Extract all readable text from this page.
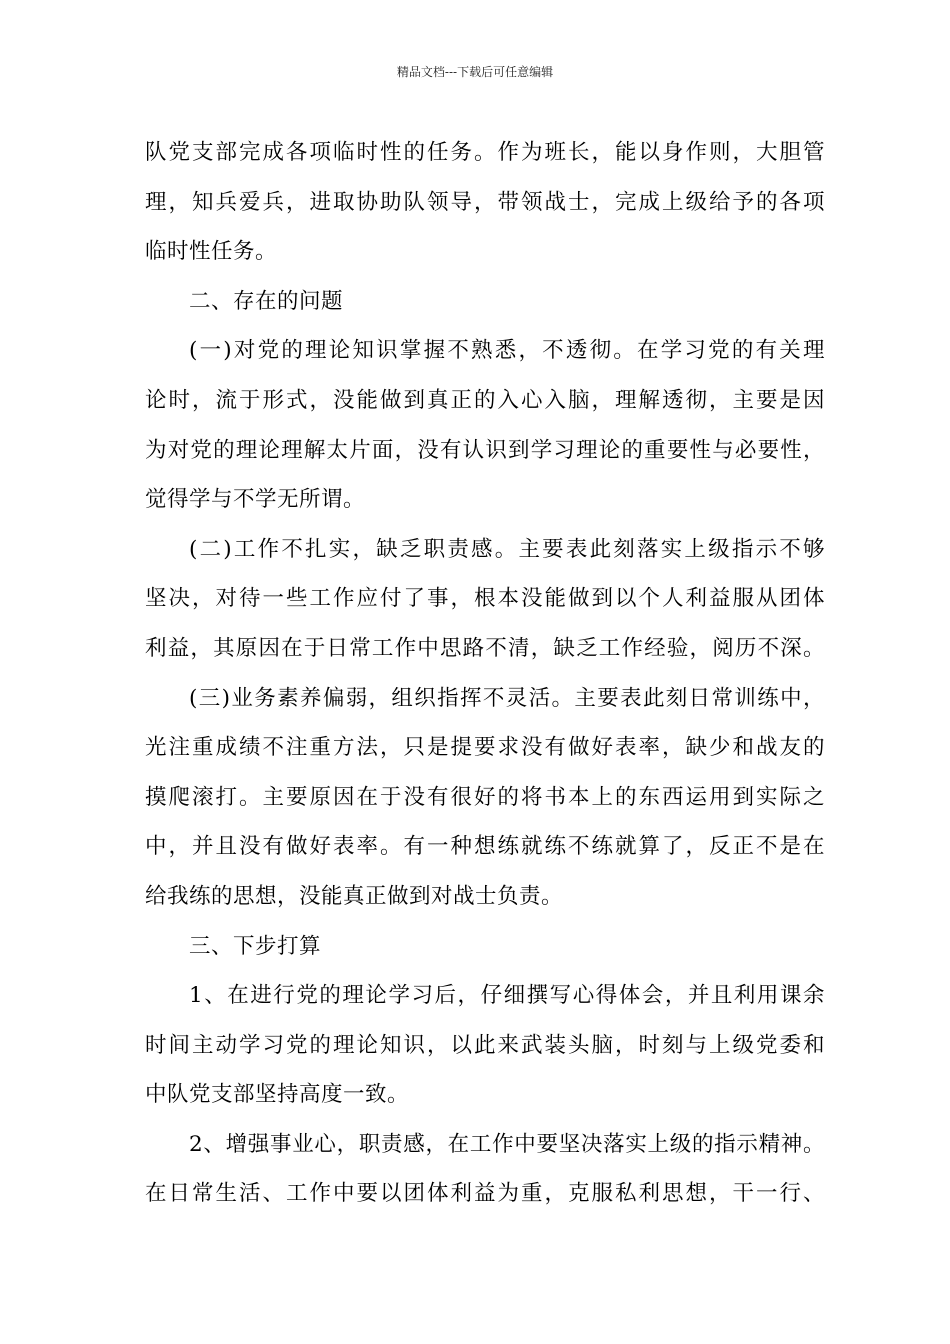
精品文档---下载后可任意编辑
队党支部完成各项临时性的任务。作为班长，能以身作则，大胆管
理，知兵爱兵，进取协助队领导，带领战士，完成上级给予的各项
临时性任务。
二、存在的问题
(一)对党的理论知识掌握不熟悉，不透彻。在学习党的有关理
论时，流于形式，没能做到真正的入心入脑，理解透彻，主要是因
为对党的理论理解太片面，没有认识到学习理论的重要性与必要性，
觉得学与不学无所谓。
(二)工作不扎实，缺乏职责感。主要表此刻落实上级指示不够
坚决，对待一些工作应付了事，根本没能做到以个人利益服从团体
利益，其原因在于日常工作中思路不清，缺乏工作经验，阅历不深。
(三)业务素养偏弱，组织指挥不灵活。主要表此刻日常训练中，
光注重成绩不注重方法，只是提要求没有做好表率，缺少和战友的
摸爬滚打。主要原因在于没有很好的将书本上的东西运用到实际之
中，并且没有做好表率。有一种想练就练不练就算了，反正不是在
给我练的思想，没能真正做到对战士负责。
三、下步打算
1、在进行党的理论学习后，仔细撰写心得体会，并且利用课余
时间主动学习党的理论知识，以此来武装头脑，时刻与上级党委和
中队党支部坚持高度一致。
2、增强事业心，职责感，在工作中要坚决落实上级的指示精神。
在日常生活、工作中要以团体利益为重，克服私利思想，干一行、
